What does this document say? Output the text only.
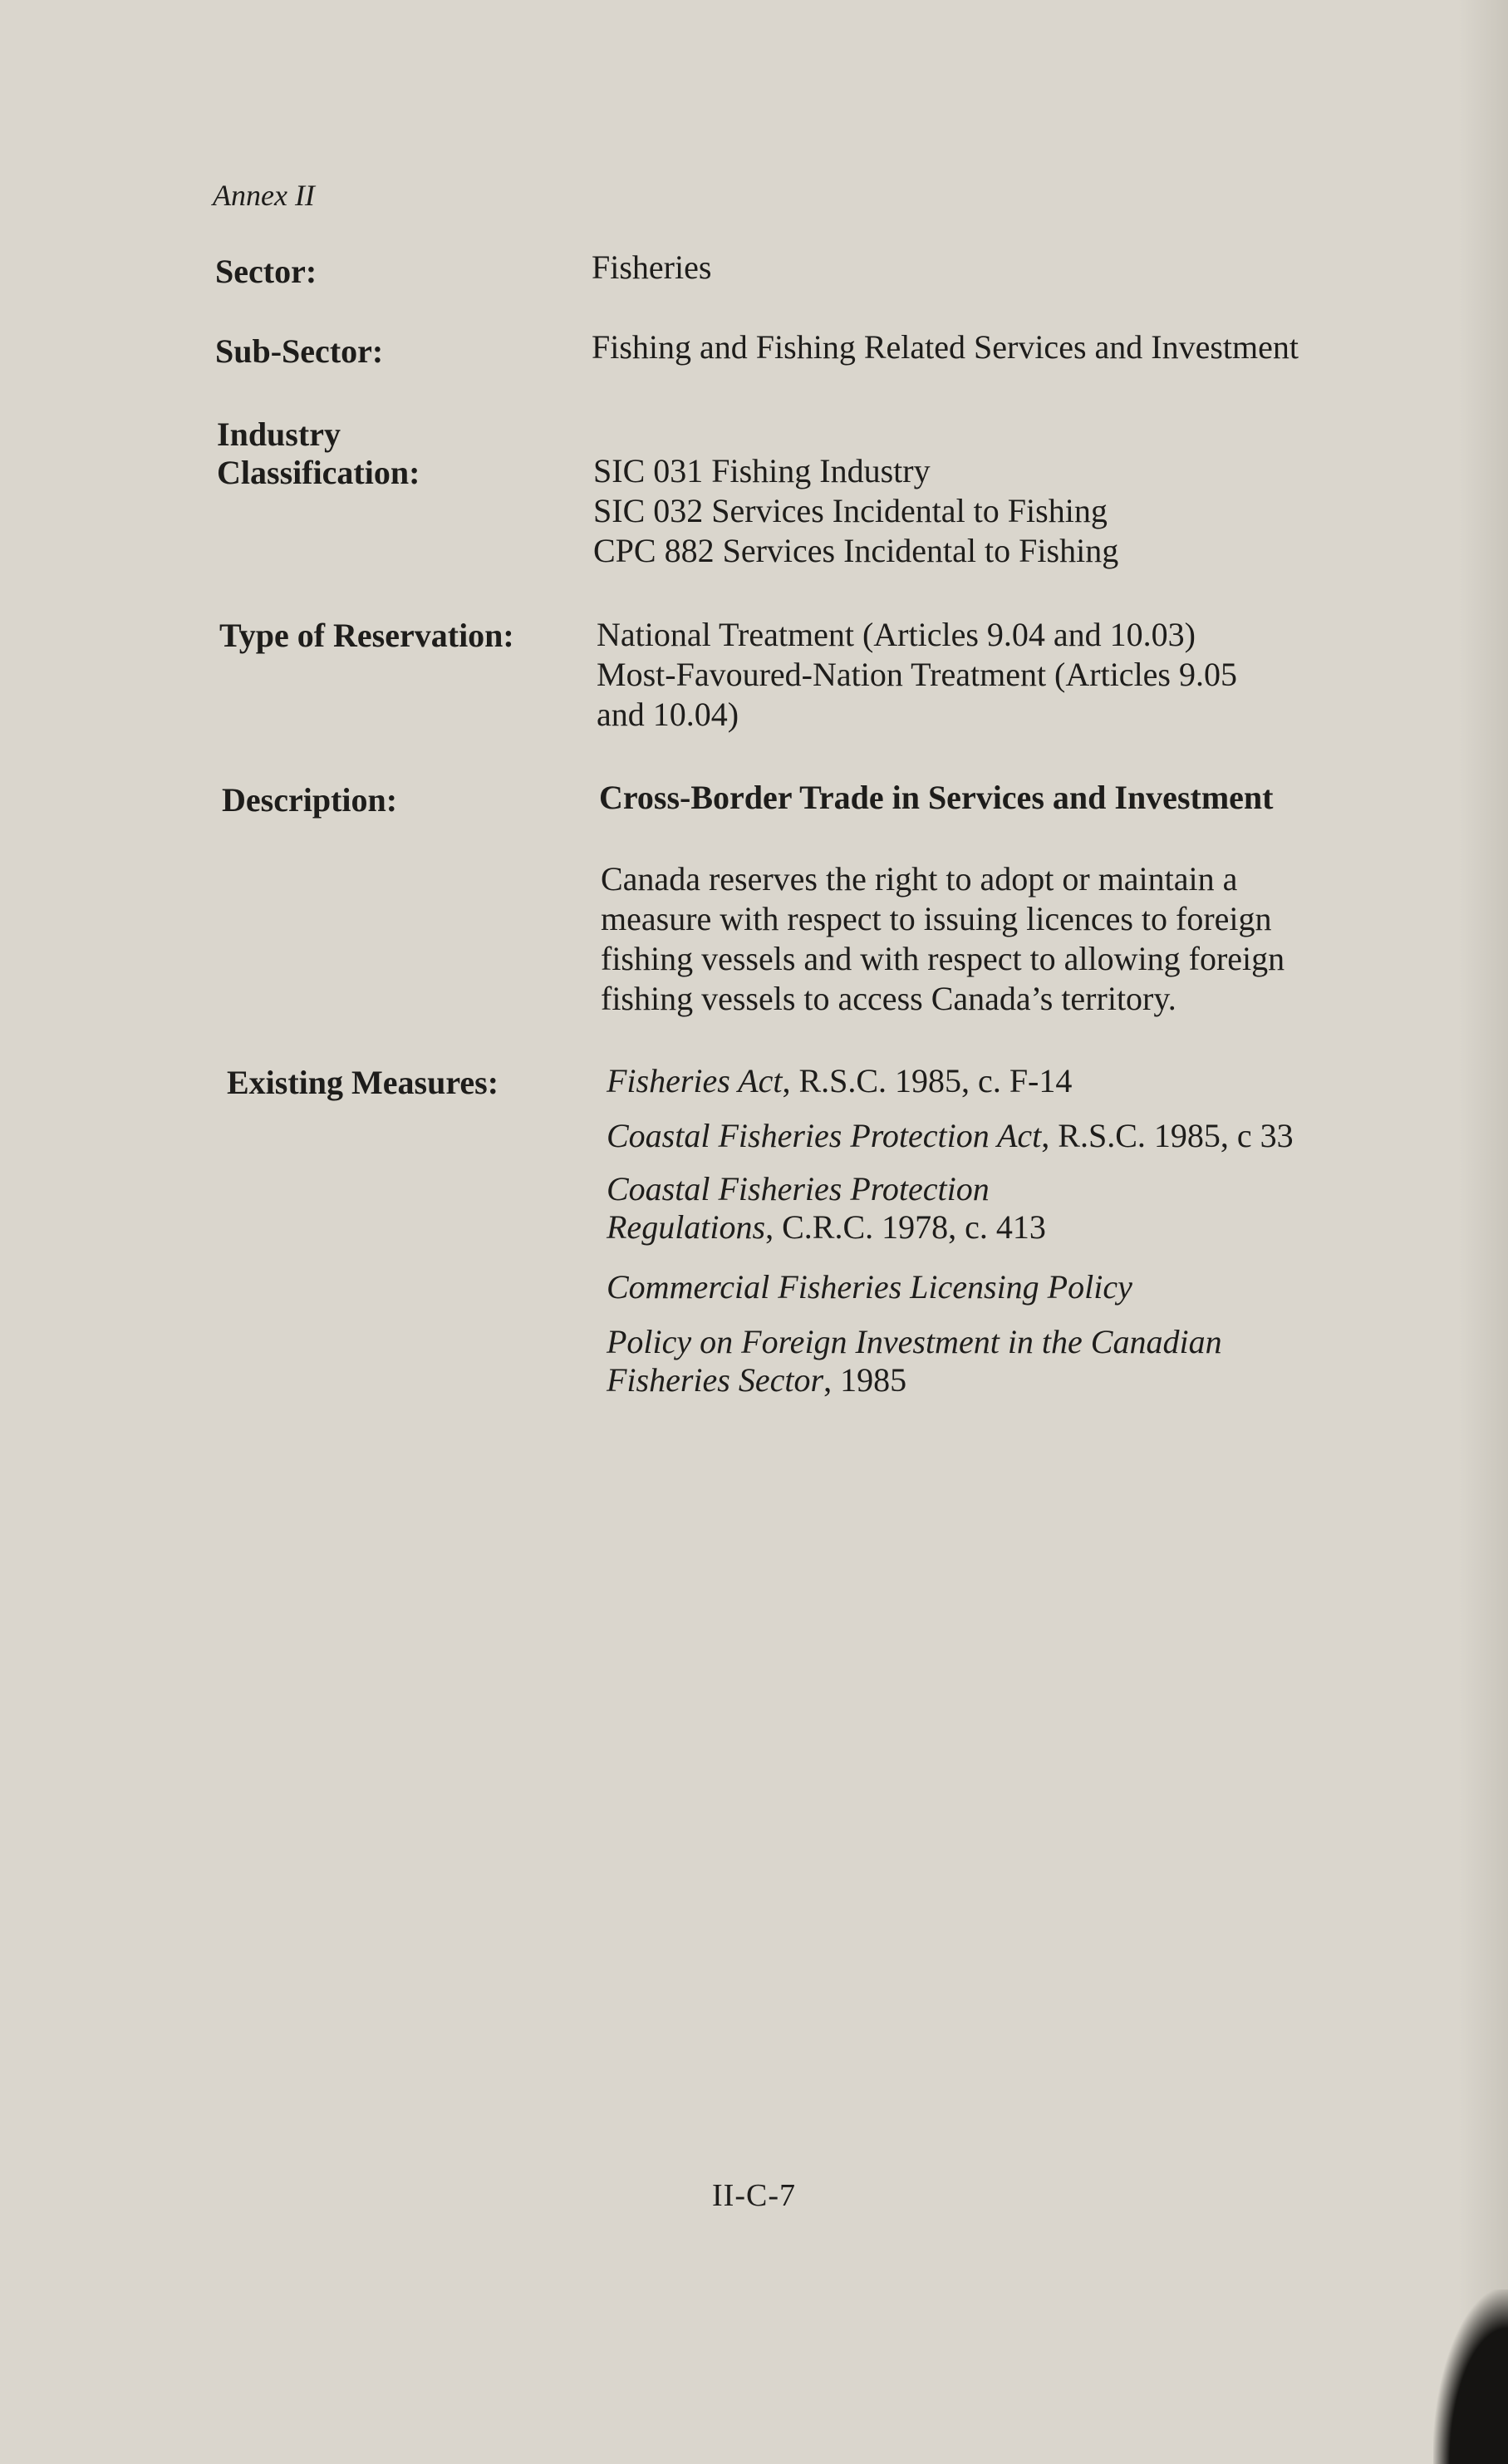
Annex II
Sector:	Fisheries
Sub-Sector:	Fishing and Fishing Related Services and Investment
Industry
Classification:	SIC 031 Fishing Industry
SIC 032 Services Incidental to Fishing
CPC 882 Services Incidental to Fishing
Type of Reservation: National Treatment (Articles 9.04 and 10.03)
Most-Favoured-Nation Treatment (Articles 9.05
and 10.04)
Description:	Cross-Border Trade in Services and Investment
Canada reserves the right to adopt or maintain a
measure with respect to issuing licences to foreign
fishing vessels and with respect to allowing foreign
fishing vessels to access Canada’s territory.
Existing Measures:	Fisheries Act, R.S.C. 1985, c. F-14
Coastal Fisheries Protection Act, R.S.C. 1985, c 33
Coastal Fisheries Protection
Regulations, C.R.C. 1978, c. 413
Commercial Fisheries Licensing Policy
Policy on Foreign Investment in the Canadian
Fisheries Sector, 1985
II-C-7
